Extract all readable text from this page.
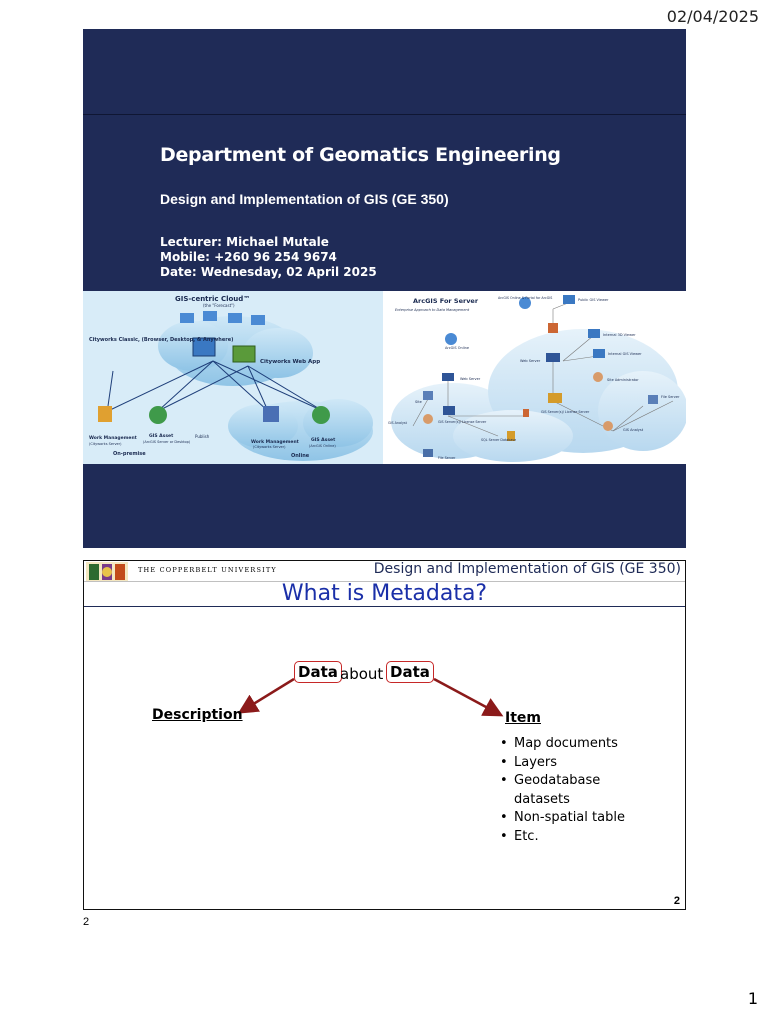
02/04/2025
Department of Geomatics Engineering
Design and Implementation of GIS (GE 350)
Lecturer: Michael Mutale
Mobile: +260 96 254 9674
Date: Wednesday, 02 April 2025
GIS-centric Cloud™
(the "Forecast")
Cityworks Web App
Cityworks Classic, (Browser, Desktop, & Anywhere)
Work Management
(Cityworks Server)
GIS Asset
(ArcGIS Server or Desktop)
Publish
Work Management
(Cityworks Server)
GIS Asset
(ArcGIS Online)
On-premise	Online
ArcGIS For Server
Enterprise Approach to Data Management
ArcGIS Online & Portal for ArcGIS	Public GIS Viewer
ArcGIS Online
Web Server
Internal 3D Viewer
Internal GIS Viewer
Web Server
Site Administrator
Site
GIS Server(s)/ License Server
GIS Analyst
GIS Server(s)/ License Server
File Server
GIS Analyst
SQL Server Database
File Server
THE COPPERBELT UNIVERSITY	Design and Implementation of GIS (GE 350)
What is Metadata?
Data about Data
Description	Item
• Map documents
• Layers
• Geodatabase datasets
• Non-spatial table
• Etc.
2
2
1
